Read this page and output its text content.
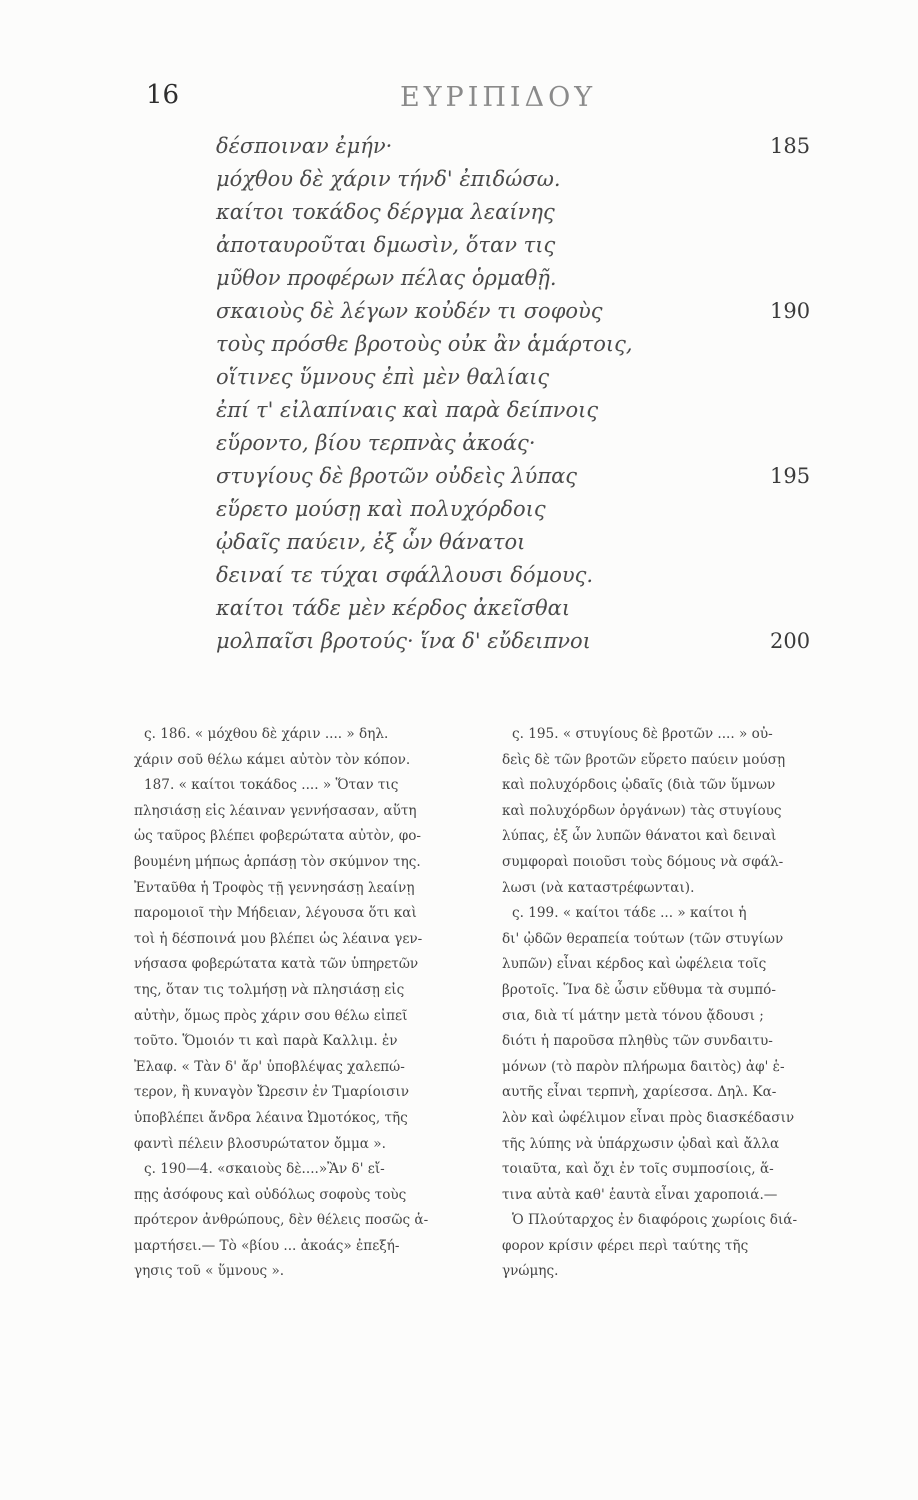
16	ΕΥΡΙΠΙΔΟΥ
δέσποιναν ἐμήν·	185
μόχθου δὲ χάριν τήνδ' ἐπιδώσω.
καίτοι τοκάδος δέργμα λεαίνης
ἀποταυροῦται δμωσὶν, ὅταν τις
μῦθον προφέρων πέλας ὁρμαθῇ.
σκαιοὺς δὲ λέγων κοὐδέν τι σοφοὺς	190
τοὺς πρόσθε βροτοὺς οὐκ ἂν ἁμάρτοις,
οἵτινες ὕμνους ἐπὶ μὲν θαλίαις
ἐπί τ' εἰλαπίναις καὶ παρὰ δείπνοις
εὕροντο, βίου τερπνὰς ἀκοάς·
στυγίους δὲ βροτῶν οὐδεὶς λύπας	195
εὕρετο μούσῃ καὶ πολυχόρδοις
ᾠδαῖς παύειν, ἐξ ὧν θάνατοι
δειναί τε τύχαι σφάλλουσι δόμους.
καίτοι τάδε μὲν κέρδος ἀκεῖσθαι
μολπαῖσι βροτούς· ἵνα δ' εὔδειπνοι	200
ς. 186. « μόχθου δὲ χάριν .... » δηλ.
χάριν σοῦ θέλω κάμει αὐτὸν τὸν κόπον.
187. « καίτοι τοκάδος .... » Ὅταν τις
πλησιάσῃ εἰς λέαιναν γεννήσασαν, αὕτη
ὡς ταῦρος βλέπει φοβερώτατα αὐτὸν, φο-
βουμένη μήπως ἁρπάσῃ τὸν σκύμνον της.
Ἐνταῦθα ἡ Τροφὸς τῇ γεννησάσῃ λεαίνῃ
παρομοιοῖ τὴν Μήδειαν, λέγουσα ὅτι καὶ
τοὶ ἡ δέσποινά μου βλέπει ὡς λέαινα γεν-
νήσασα φοβερώτατα κατὰ τῶν ὑπηρετῶν
της, ὅταν τις τολμήσῃ νὰ πλησιάσῃ εἰς
αὐτὴν, ὅμως πρὸς χάριν σου θέλω εἰπεῖ
τοῦτο. Ὅμοιόν τι καὶ παρὰ Καλλιμ. ἐν
Ἐλαφ. « Τὰν δ' ἄρ' ὑποβλέψας χαλεπώ-
τερον, ἢ κυναγὸν Ὤρεσιν ἐν Τμαρίοισιν
ὑποβλέπει ἄνδρα λέαινα Ὠμοτόκος, τῆς
φαντὶ πέλειν βλοσυρώτατον ὄμμα ».
ς. 190—4. «σκαιοὺς δὲ....»Ἂν δ' εἴ-
πῃς ἀσόφους καὶ οὐδόλως σοφοὺς τοὺς
πρότερον ἀνθρώπους, δὲν θέλεις ποσῶς ἁ-
μαρτήσει.— Τὸ «βίου ... ἀκοάς» ἐπεξή-
γησις τοῦ « ὕμνους ».
ς. 195. « στυγίους δὲ βροτῶν .... » οὐ-
δεὶς δὲ τῶν βροτῶν εὕρετο παύειν μούσῃ
καὶ πολυχόρδοις ᾠδαῖς (διὰ τῶν ὕμνων
καὶ πολυχόρδων ὀργάνων) τὰς στυγίους
λύπας, ἐξ ὧν λυπῶν θάνατοι καὶ δειναὶ
συμφοραὶ ποιοῦσι τοὺς δόμους νὰ σφάλ-
λωσι (νὰ καταστρέφωνται).
ς. 199. « καίτοι τάδε ... » καίτοι ἡ
δι' ᾠδῶν θεραπεία τούτων (τῶν στυγίων
λυπῶν) εἶναι κέρδος καὶ ὠφέλεια τοῖς
βροτοῖς. Ἵνα δὲ ὦσιν εὔθυμα τὰ συμπό-
σια, διὰ τί μάτην μετὰ τόνου ᾄδουσι ;
διότι ἡ παροῦσα πληθὺς τῶν συνδαιτυ-
μόνων (τὸ παρὸν πλήρωμα δαιτὸς) ἀφ' ἑ-
αυτῆς εἶναι τερπνὴ, χαρίεσσα. Δηλ. Κα-
λὸν καὶ ὠφέλιμον εἶναι πρὸς διασκέδασιν
τῆς λύπης νὰ ὑπάρχωσιν ᾠδαὶ καὶ ἄλλα
τοιαῦτα, καὶ ὄχι ἐν τοῖς συμποσίοις, ἅ-
τινα αὐτὰ καθ' ἑαυτὰ εἶναι χαροποιά.—
Ὁ Πλούταρχος ἐν διαφόροις χωρίοις διά-
φορον κρίσιν φέρει περὶ ταύτης τῆς
γνώμης.
